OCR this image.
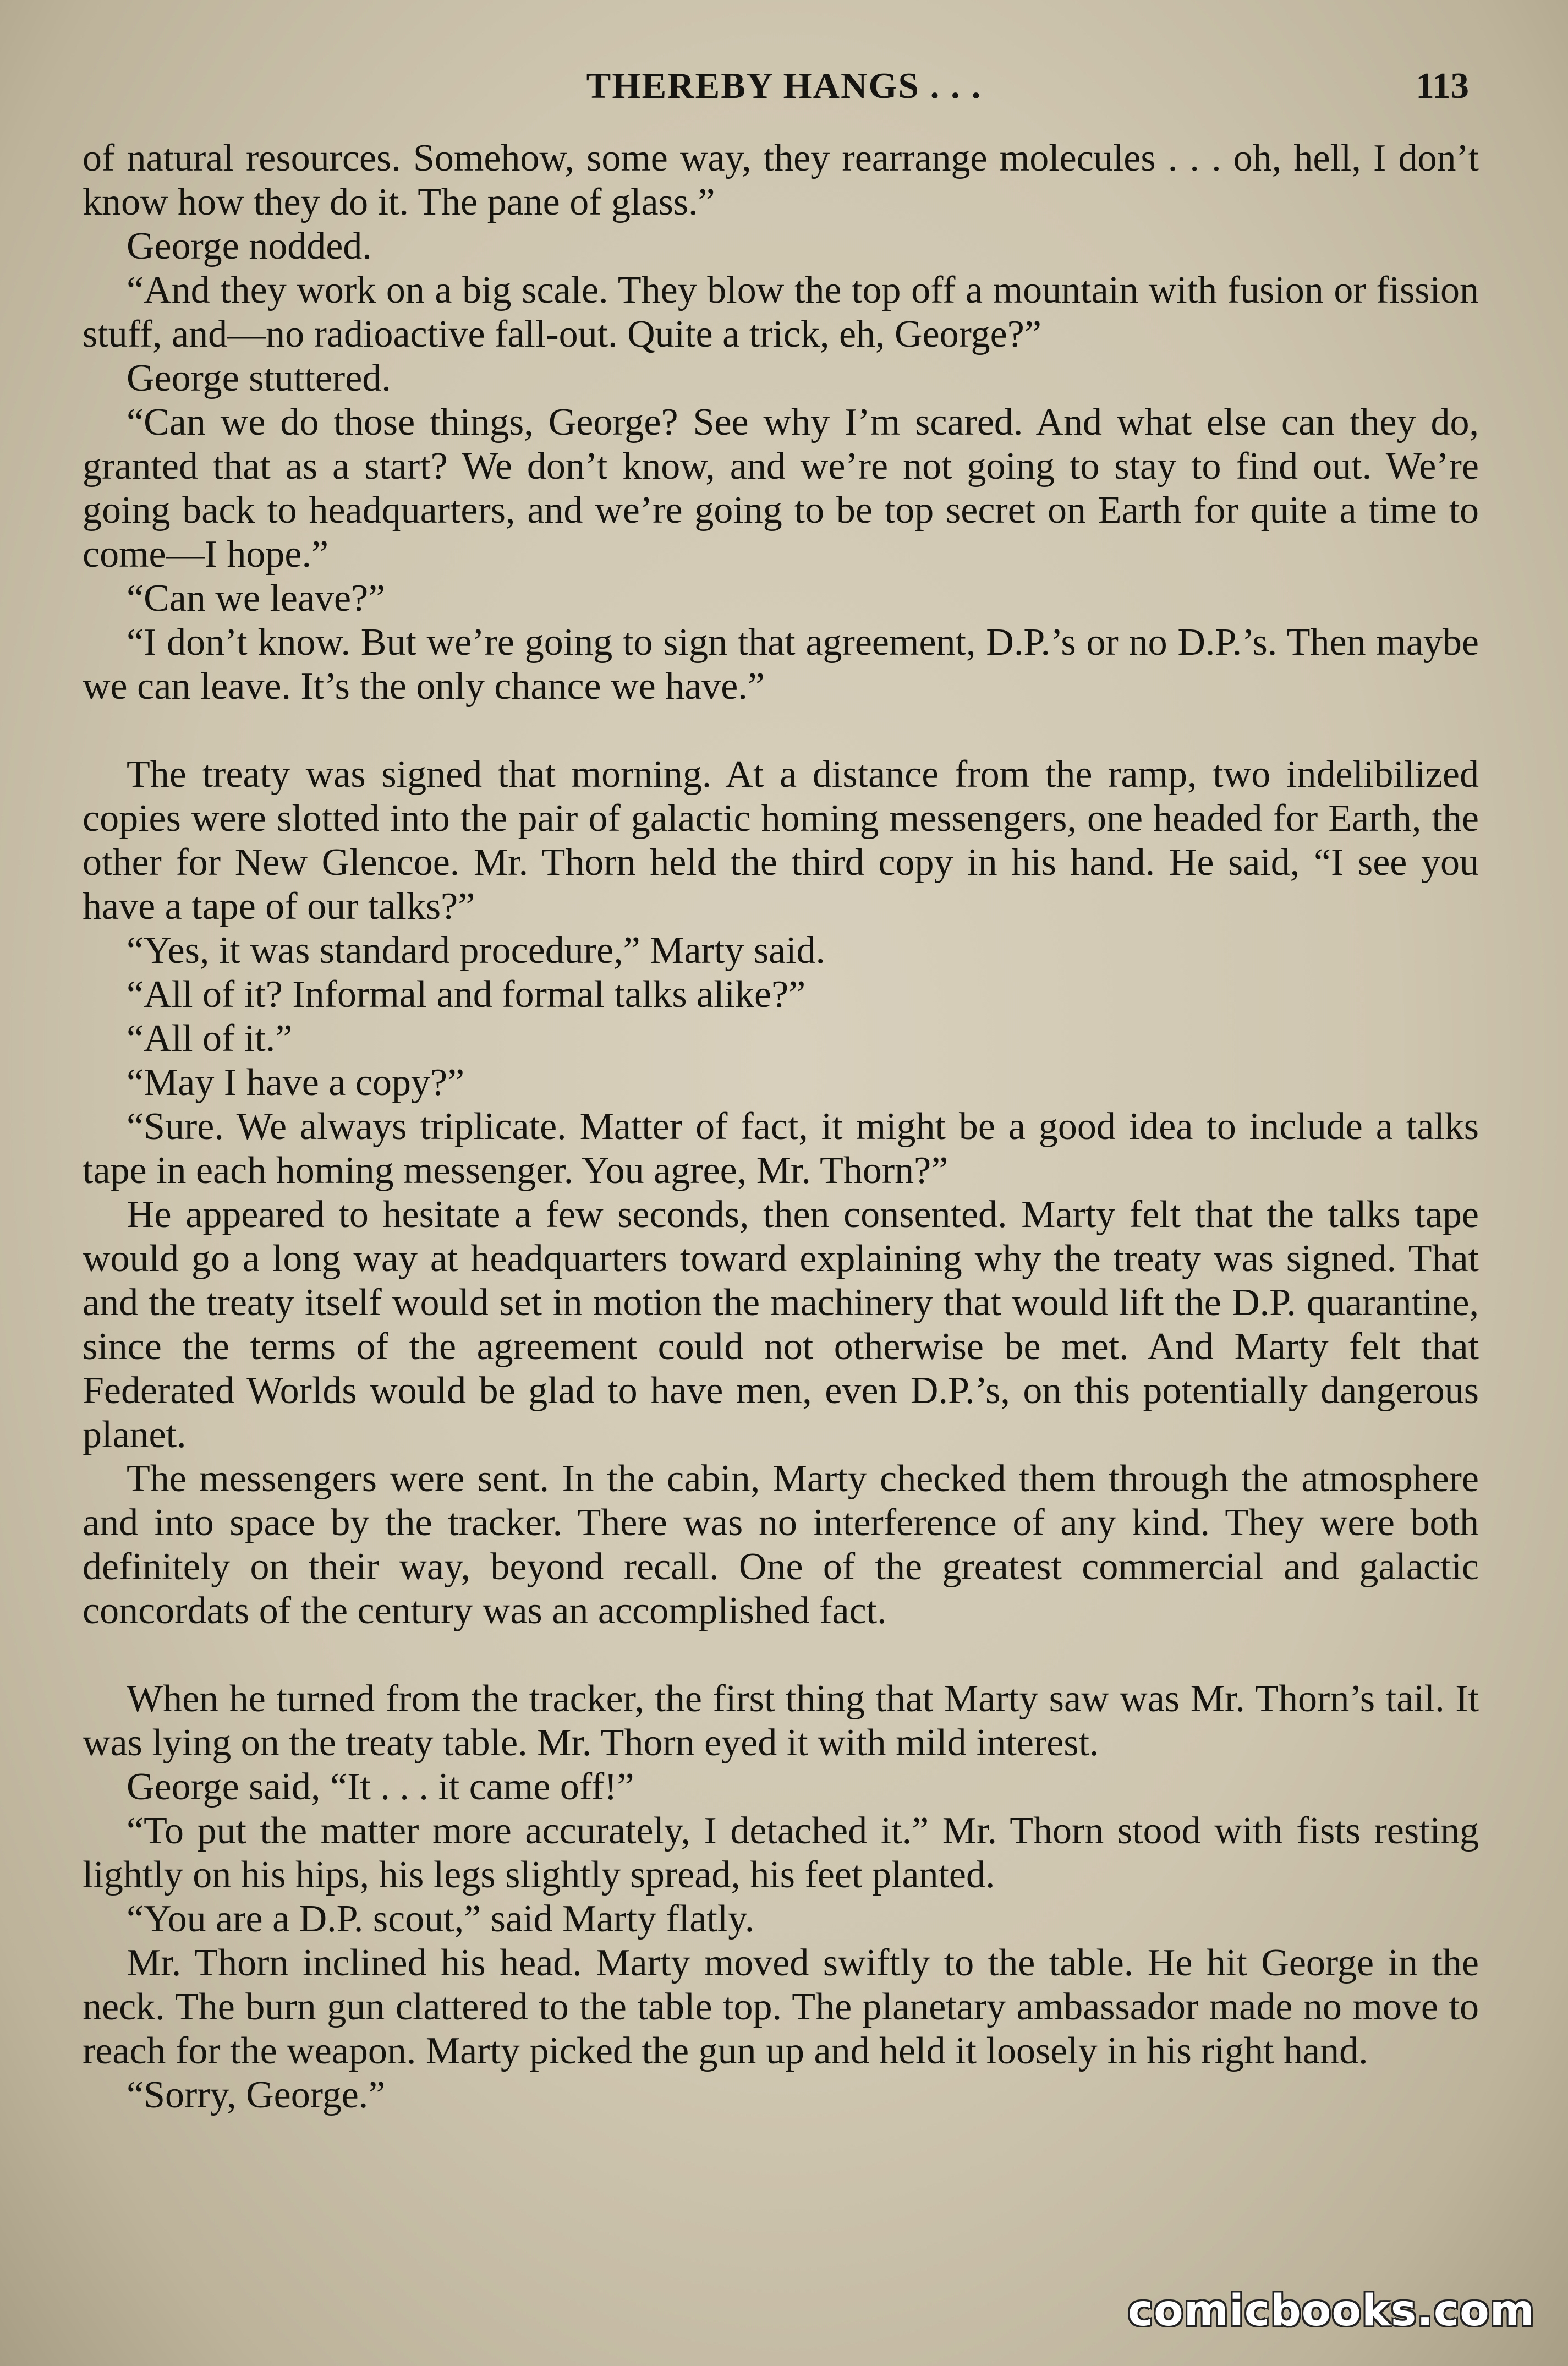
THEREBY HANGS . . .	113

of natural resources. Somehow, some way, they rearrange molecules . . . oh, hell, I don’t know how they do it. The pane of glass.”

George nodded.

“And they work on a big scale. They blow the top off a mountain with fusion or fission stuff, and—no radioactive fall-out. Quite a trick, eh, George?”

George stuttered.

“Can we do those things, George? See why I’m scared. And what else can they do, granted that as a start? We don’t know, and we’re not going to stay to find out. We’re going back to headquarters, and we’re going to be top secret on Earth for quite a time to come—I hope.”

“Can we leave?”

“I don’t know. But we’re going to sign that agreement, D.P.’s or no D.P.’s. Then maybe we can leave. It’s the only chance we have.”

The treaty was signed that morning. At a distance from the ramp, two indelibilized copies were slotted into the pair of galactic homing messengers, one headed for Earth, the other for New Glencoe. Mr. Thorn held the third copy in his hand. He said, “I see you have a tape of our talks?”

“Yes, it was standard procedure,” Marty said.

“All of it? Informal and formal talks alike?”

“All of it.”

“May I have a copy?”

“Sure. We always triplicate. Matter of fact, it might be a good idea to include a talks tape in each homing messenger. You agree, Mr. Thorn?”

He appeared to hesitate a few seconds, then consented. Marty felt that the talks tape would go a long way at headquarters toward explaining why the treaty was signed. That and the treaty itself would set in motion the machinery that would lift the D.P. quarantine, since the terms of the agreement could not otherwise be met. And Marty felt that Federated Worlds would be glad to have men, even D.P.’s, on this potentially dangerous planet.

The messengers were sent. In the cabin, Marty checked them through the atmosphere and into space by the tracker. There was no interference of any kind. They were both definitely on their way, beyond recall. One of the greatest commercial and galactic concordats of the century was an accomplished fact.

When he turned from the tracker, the first thing that Marty saw was Mr. Thorn’s tail. It was lying on the treaty table. Mr. Thorn eyed it with mild interest.

George said, “It . . . it came off!”

“To put the matter more accurately, I detached it.” Mr. Thorn stood with fists resting lightly on his hips, his legs slightly spread, his feet planted.

“You are a D.P. scout,” said Marty flatly.

Mr. Thorn inclined his head. Marty moved swiftly to the table. He hit George in the neck. The burn gun clattered to the table top. The planetary ambassador made no move to reach for the weapon. Marty picked the gun up and held it loosely in his right hand.

“Sorry, George.”

comicbooks.com
